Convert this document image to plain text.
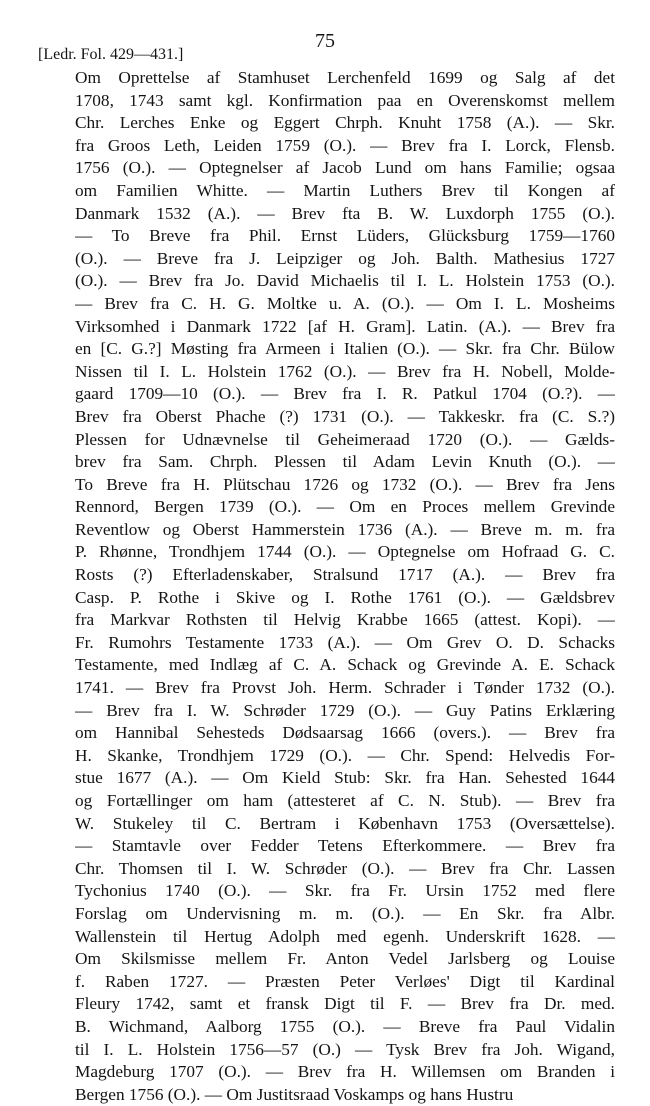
75
[Ledr. Fol. 429—431.]
Om Oprettelse af Stamhuset Lerchenfeld 1699 og Salg af det
1708, 1743 samt kgl. Konfirmation paa en Overenskomst mellem
Chr. Lerches Enke og Eggert Chrph. Knuht 1758 (A.). — Skr.
fra Groos Leth, Leiden 1759 (O.). — Brev fra I. Lorck, Flensb.
1756 (O.). — Optegnelser af Jacob Lund om hans Familie; ogsaa
om Familien Whitte. — Martin Luthers Brev til Kongen af
Danmark 1532 (A.). — Brev fta B. W. Luxdorph 1755 (O.).
— To Breve fra Phil. Ernst Lüders, Glücksburg 1759—1760
(O.). — Breve fra J. Leipziger og Joh. Balth. Mathesius 1727
(O.). — Brev fra Jo. David Michaelis til I. L. Holstein 1753 (O.).
— Brev fra C. H. G. Moltke u. A. (O.). — Om I. L. Mosheims
Virksomhed i Danmark 1722 [af H. Gram]. Latin. (A.). — Brev fra
en [C. G.?] Møsting fra Armeen i Italien (O.). — Skr. fra Chr. Bülow
Nissen til I. L. Holstein 1762 (O.). — Brev fra H. Nobell, Molde-
gaard 1709—10 (O.). — Brev fra I. R. Patkul 1704 (O.?). —
Brev fra Oberst Phache (?) 1731 (O.). — Takkeskr. fra (C. S.?)
Plessen for Udnævnelse til Geheimeraad 1720 (O.). — Gælds-
brev fra Sam. Chrph. Plessen til Adam Levin Knuth (O.). —
To Breve fra H. Plütschau 1726 og 1732 (O.). — Brev fra Jens
Rennord, Bergen 1739 (O.). — Om en Proces mellem Grevinde
Reventlow og Oberst Hammerstein 1736 (A.). — Breve m. m. fra
P. Rhønne, Trondhjem 1744 (O.). — Optegnelse om Hofraad G. C.
Rosts (?) Efterladenskaber, Stralsund 1717 (A.). — Brev fra
Casp. P. Rothe i Skive og I. Rothe 1761 (O.). — Gældsbrev
fra Markvar Rothsten til Helvig Krabbe 1665 (attest. Kopi). —
Fr. Rumohrs Testamente 1733 (A.). — Om Grev O. D. Schacks
Testamente, med Indlæg af C. A. Schack og Grevinde A. E. Schack
1741. — Brev fra Provst Joh. Herm. Schrader i Tønder 1732 (O.).
— Brev fra I. W. Schrøder 1729 (O.). — Guy Patins Erklæring
om Hannibal Sehesteds Dødsaarsag 1666 (overs.). — Brev fra
H. Skanke, Trondhjem 1729 (O.). — Chr. Spend: Helvedis For-
stue 1677 (A.). — Om Kield Stub: Skr. fra Han. Sehested 1644
og Fortællinger om ham (attesteret af C. N. Stub). — Brev fra
W. Stukeley til C. Bertram i København 1753 (Oversættelse).
— Stamtavle over Fedder Tetens Efterkommere. — Brev fra
Chr. Thomsen til I. W. Schrøder (O.). — Brev fra Chr. Lassen
Tychonius 1740 (O.). — Skr. fra Fr. Ursin 1752 med flere
Forslag om Undervisning m. m. (O.). — En Skr. fra Albr.
Wallenstein til Hertug Adolph med egenh. Underskrift 1628. —
Om Skilsmisse mellem Fr. Anton Vedel Jarlsberg og Louise
f. Raben 1727. — Præsten Peter Verløes' Digt til Kardinal
Fleury 1742, samt et fransk Digt til F. — Brev fra Dr. med.
B. Wichmand, Aalborg 1755 (O.). — Breve fra Paul Vidalin
til I. L. Holstein 1756—57 (O.) — Tysk Brev fra Joh. Wigand,
Magdeburg 1707 (O.). — Brev fra H. Willemsen om Branden i
Bergen 1756 (O.). — Om Justitsraad Voskamps og hans Hustru
